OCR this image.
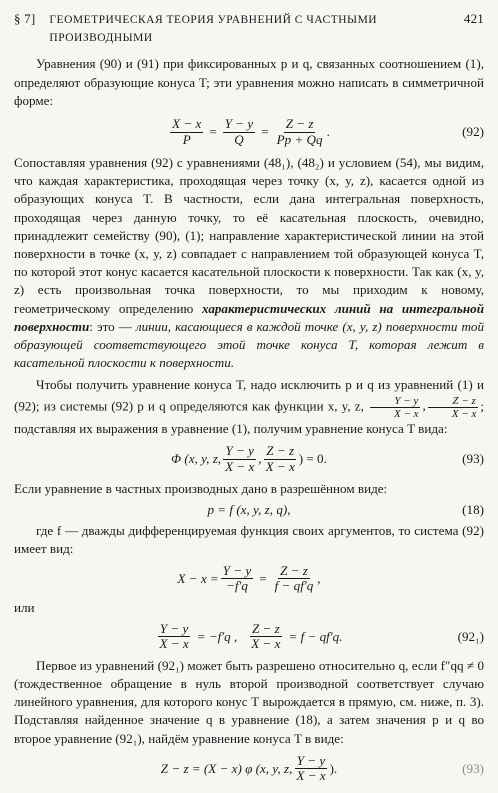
§ 7] ГЕОМЕТРИЧЕСКАЯ ТЕОРИЯ УРАВНЕНИЙ С ЧАСТНЫМИ ПРОИЗВОДНЫМИ
421

Уравнения (90) и (91) при фиксированных p и q, связанных соотношением (1), определяют образующие конуса T; эти уравнения можно написать в симметричной форме:

$\frac{X - x}{P} = \frac{Y - y}{Q} = \frac{Z - z}{Pp + Qq}$ .	(92)

Сопоставляя уравнения (92) с уравнениями (48₁), (48₂) и условием (54), мы видим, что каждая характеристика, проходящая через точку (x, y, z), касается одной из образующих конуса T. В частности, если дана интегральная поверхность, проходящая через данную точку, то её касательная плоскость, очевидно, принадлежит семейству (90), (1); направление характеристической линии на этой поверхности в точке (x, y, z) совпадает с направлением той образующей конуса T, по которой этот конус касается касательной плоскости к поверхности. Так как (x, y, z) есть произвольная точка поверхности, то мы приходим к новому, геометрическому определению характеристических линий на интегральной поверхности: это — линии, касающиеся в каждой точке (x, y, z) поверхности той образующей соответствующего этой точке конуса T, которая лежит в касательной плоскости к поверхности.

Чтобы получить уравнение конуса T, надо исключить p и q из уравнений (1) и (92); из системы (92) p и q определяются как функции x, y, z, $\frac{Y - y}{X - x}$ , $\frac{Z - z}{X - x}$ ; подставляя их выражения в уравнение (1), получим уравнение конуса T вида:

Φ (x, y, z, $\frac{Y - y}{X - x}$ , $\frac{Z - z}{X - x}$ ) = 0.	(93)

Если уравнение в частных производных дано в разрешённом виде:

p = f (x, y, z, q),	(18)

где f — дважды дифференцируемая функция своих аргументов, то система (92) имеет вид:

$X - x = \frac{Y - y}{-f'q} = \frac{Z - z}{f - qf'q}$ ,

или

$\frac{Y - y}{X - x} = -f'q$ , $\frac{Z - z}{X - x} = f - qf'q$.	(92₁)

Первое из уравнений (92₁) может быть разрешено относительно q, если f″qq ≠ 0 (тождественное обращение в нуль второй производной соответствует случаю линейного уравнения, для которого конус T вырождается в прямую, см. ниже, п. 3). Подставляя найденное значение q в уравнение (18), а затем значения p и q во второе уравнение (92₁), найдём уравнение конуса T в виде:

Z − z = (X − x) φ (x, y, z, $\frac{Y - y}{X - x}$ ).	(93)
